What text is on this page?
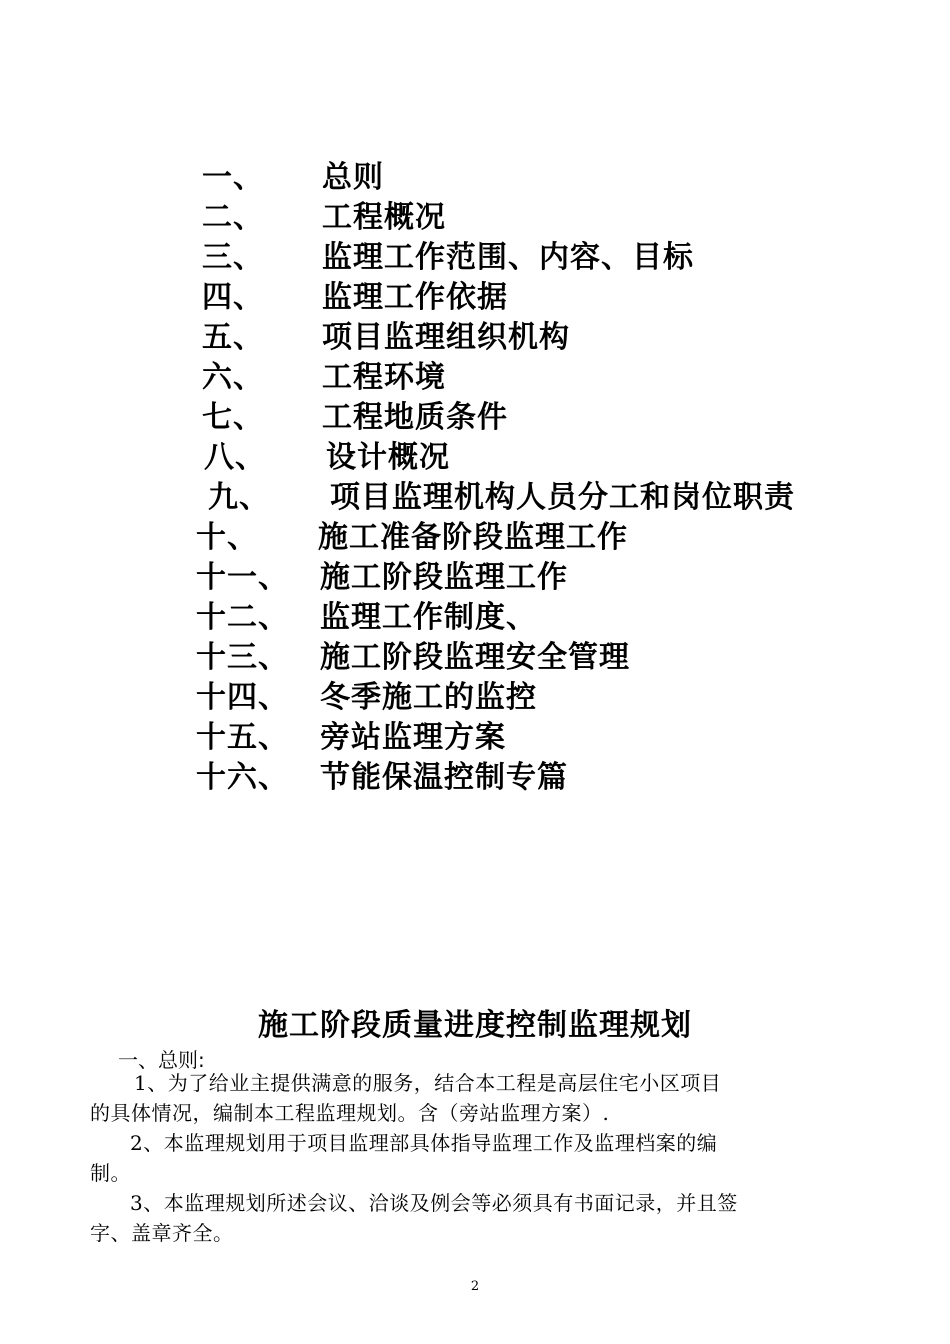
一、 总则
二、 工程概况
三、 监理工作范围、内容、目标
四、 监理工作依据
五、 项目监理组织机构
六、 工程环境
七、 工程地质条件
八、 设计概况
九、 项目监理机构人员分工和岗位职责
十、 施工准备阶段监理工作
十一、 施工阶段监理工作
十二、 监理工作制度、
十三、 施工阶段监理安全管理
十四、 冬季施工的监控
十五、 旁站监理方案
十六、 节能保温控制专篇
施工阶段质量进度控制监理规划
一、总则:

1、为了给业主提供满意的服务，结合本工程是高层住宅小区项目

的具体情况，编制本工程监理规划。含（旁站监理方案）.

2、本监理规划用于项目监理部具体指导监理工作及监理档案的编

制。

3、本监理规划所述会议、洽谈及例会等必须具有书面记录，并且签

字、盖章齐全。

2
